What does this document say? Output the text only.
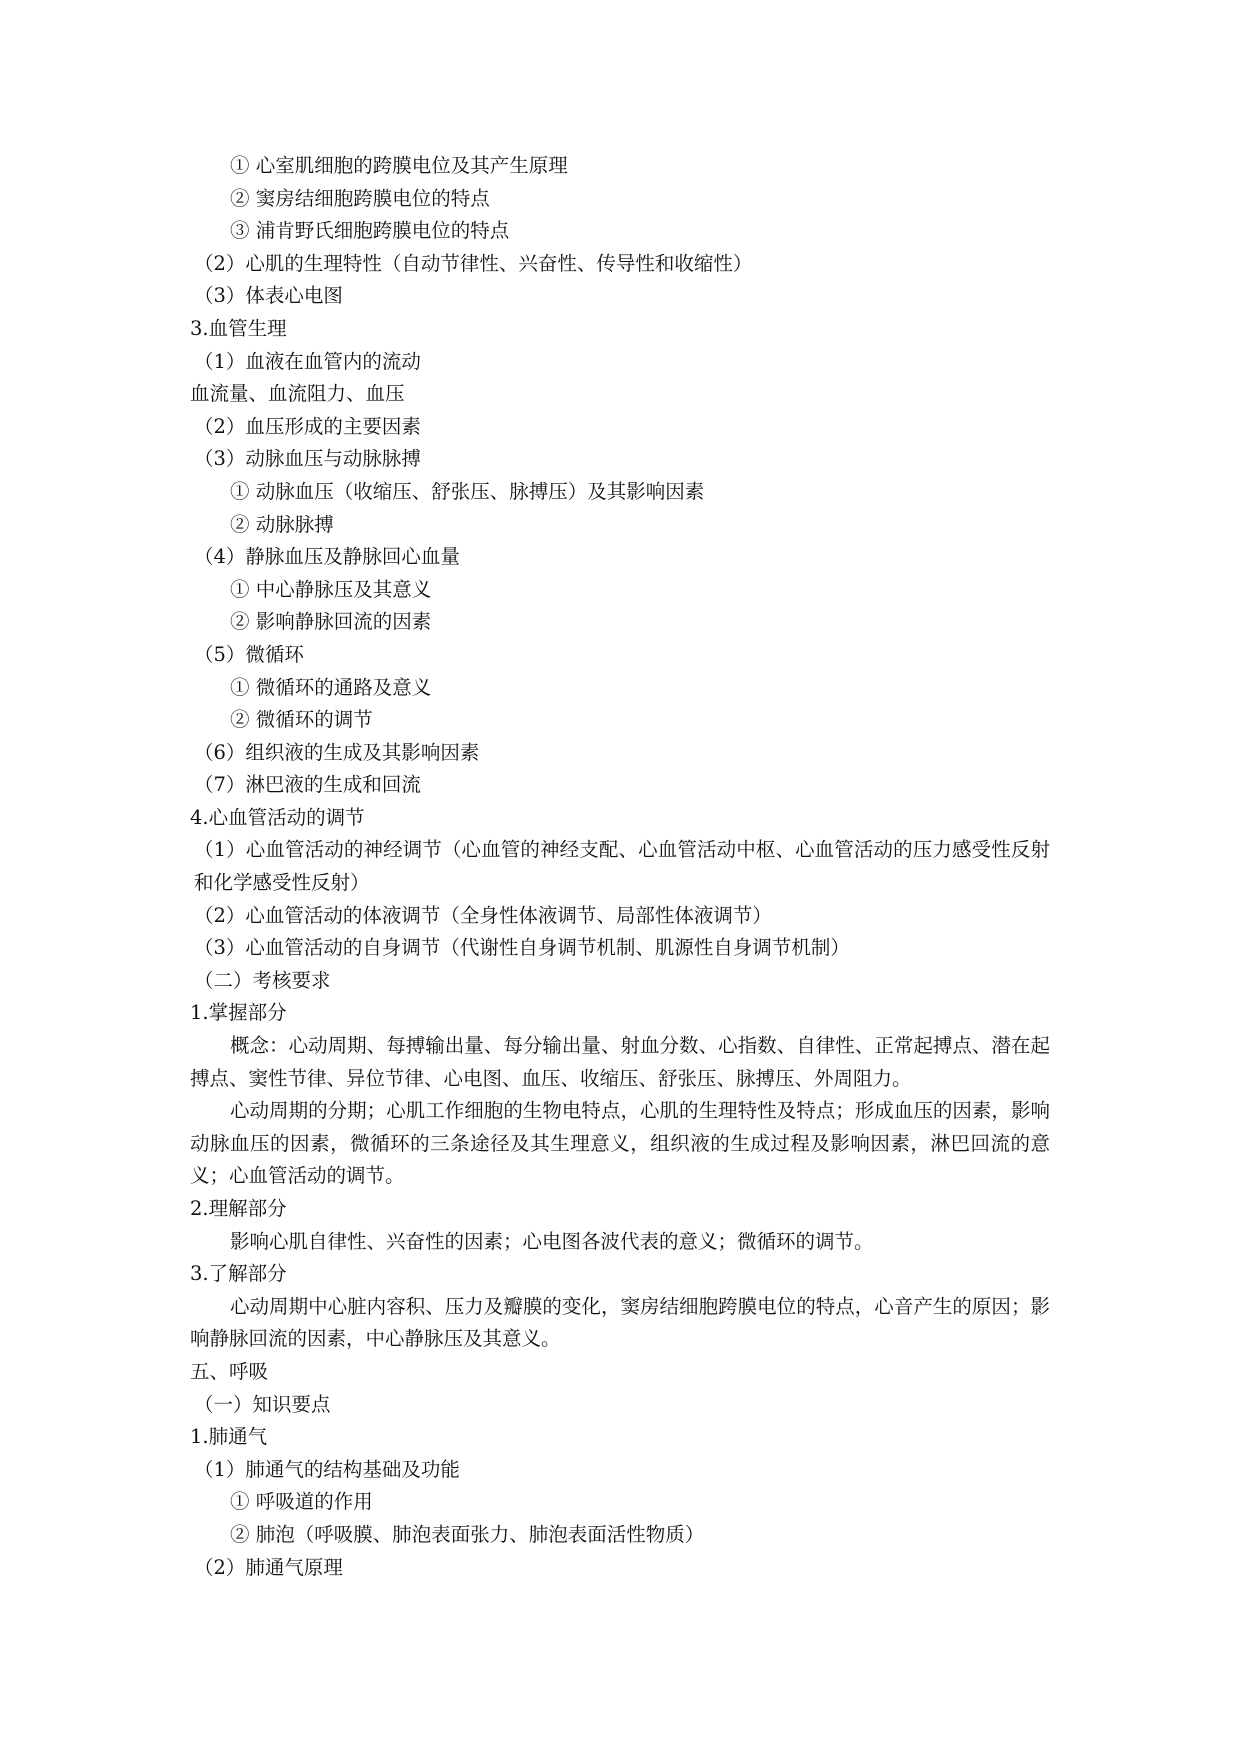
① 心室肌细胞的跨膜电位及其产生原理
② 窦房结细胞跨膜电位的特点
③ 浦肯野氏细胞跨膜电位的特点
（2）心肌的生理特性（自动节律性、兴奋性、传导性和收缩性）
（3）体表心电图
3.血管生理
（1）血液在血管内的流动
血流量、血流阻力、血压
（2）血压形成的主要因素
（3）动脉血压与动脉脉搏
① 动脉血压（收缩压、舒张压、脉搏压）及其影响因素
② 动脉脉搏
（4）静脉血压及静脉回心血量
① 中心静脉压及其意义
② 影响静脉回流的因素
（5）微循环
① 微循环的通路及意义
② 微循环的调节
（6）组织液的生成及其影响因素
（7）淋巴液的生成和回流
4.心血管活动的调节
（1）心血管活动的神经调节（心血管的神经支配、心血管活动中枢、心血管活动的压力感受性反射和化学感受性反射）
（2）心血管活动的体液调节（全身性体液调节、局部性体液调节）
（3）心血管活动的自身调节（代谢性自身调节机制、肌源性自身调节机制）
（二）考核要求
1.掌握部分
概念：心动周期、每搏输出量、每分输出量、射血分数、心指数、自律性、正常起搏点、潜在起搏点、窦性节律、异位节律、心电图、血压、收缩压、舒张压、脉搏压、外周阻力。
心动周期的分期；心肌工作细胞的生物电特点，心肌的生理特性及特点；形成血压的因素，影响动脉血压的因素，微循环的三条途径及其生理意义，组织液的生成过程及影响因素，淋巴回流的意义；心血管活动的调节。
2.理解部分
影响心肌自律性、兴奋性的因素；心电图各波代表的意义；微循环的调节。
3.了解部分
心动周期中心脏内容积、压力及瓣膜的变化，窦房结细胞跨膜电位的特点，心音产生的原因；影响静脉回流的因素，中心静脉压及其意义。
五、呼吸
（一）知识要点
1.肺通气
（1）肺通气的结构基础及功能
① 呼吸道的作用
② 肺泡（呼吸膜、肺泡表面张力、肺泡表面活性物质）
（2）肺通气原理
